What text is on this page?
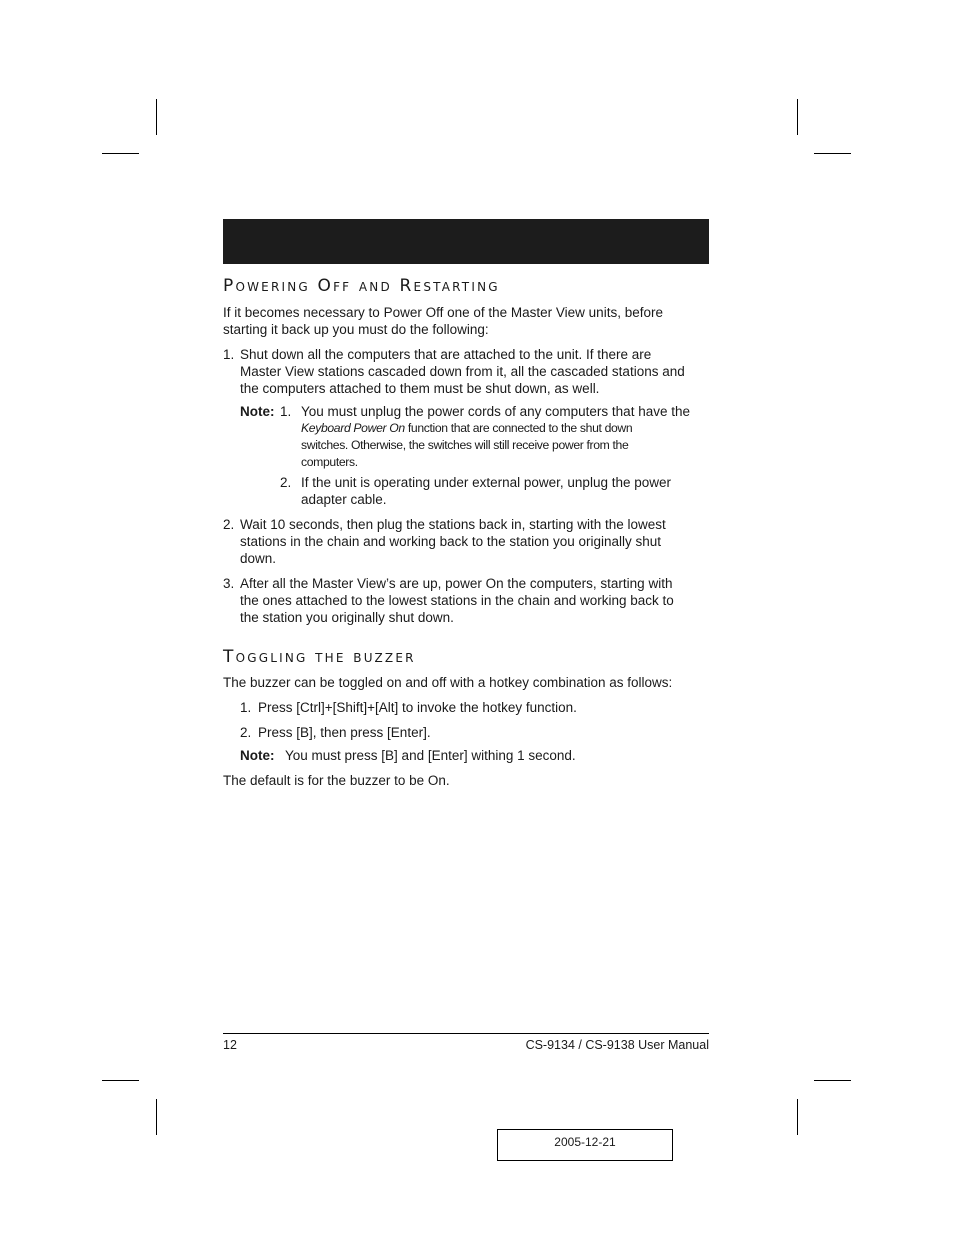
Powering Off and Restarting
If it becomes necessary to Power Off one of the Master View units, before
starting it back up you must do the following:
1. Shut down all the computers that are attached to the unit. If there are
Master View stations cascaded down from it, all the cascaded stations and
the computers attached to them must be shut down, as well.
Note: 1. You must unplug the power cords of any computers that have the
Keyboard Power On function that are connected to the shut down
switches. Otherwise, the switches will still receive power from the
computers.
2. If the unit is operating under external power, unplug the power
adapter cable.
2. Wait 10 seconds, then plug the stations back in, starting with the lowest
stations in the chain and working back to the station you originally shut
down.
3. After all the Master View’s are up, power On the computers, starting with
the ones attached to the lowest stations in the chain and working back to
the station you originally shut down.
Toggling the buzzer
The buzzer can be toggled on and off with a hotkey combination as follows:
1. Press [Ctrl]+[Shift]+[Alt] to invoke the hotkey function.
2. Press [B], then press [Enter].
Note: You must press [B] and [Enter] withing 1 second.
The default is for the buzzer to be On.
12	CS-9134 / CS-9138 User Manual
2005-12-21
